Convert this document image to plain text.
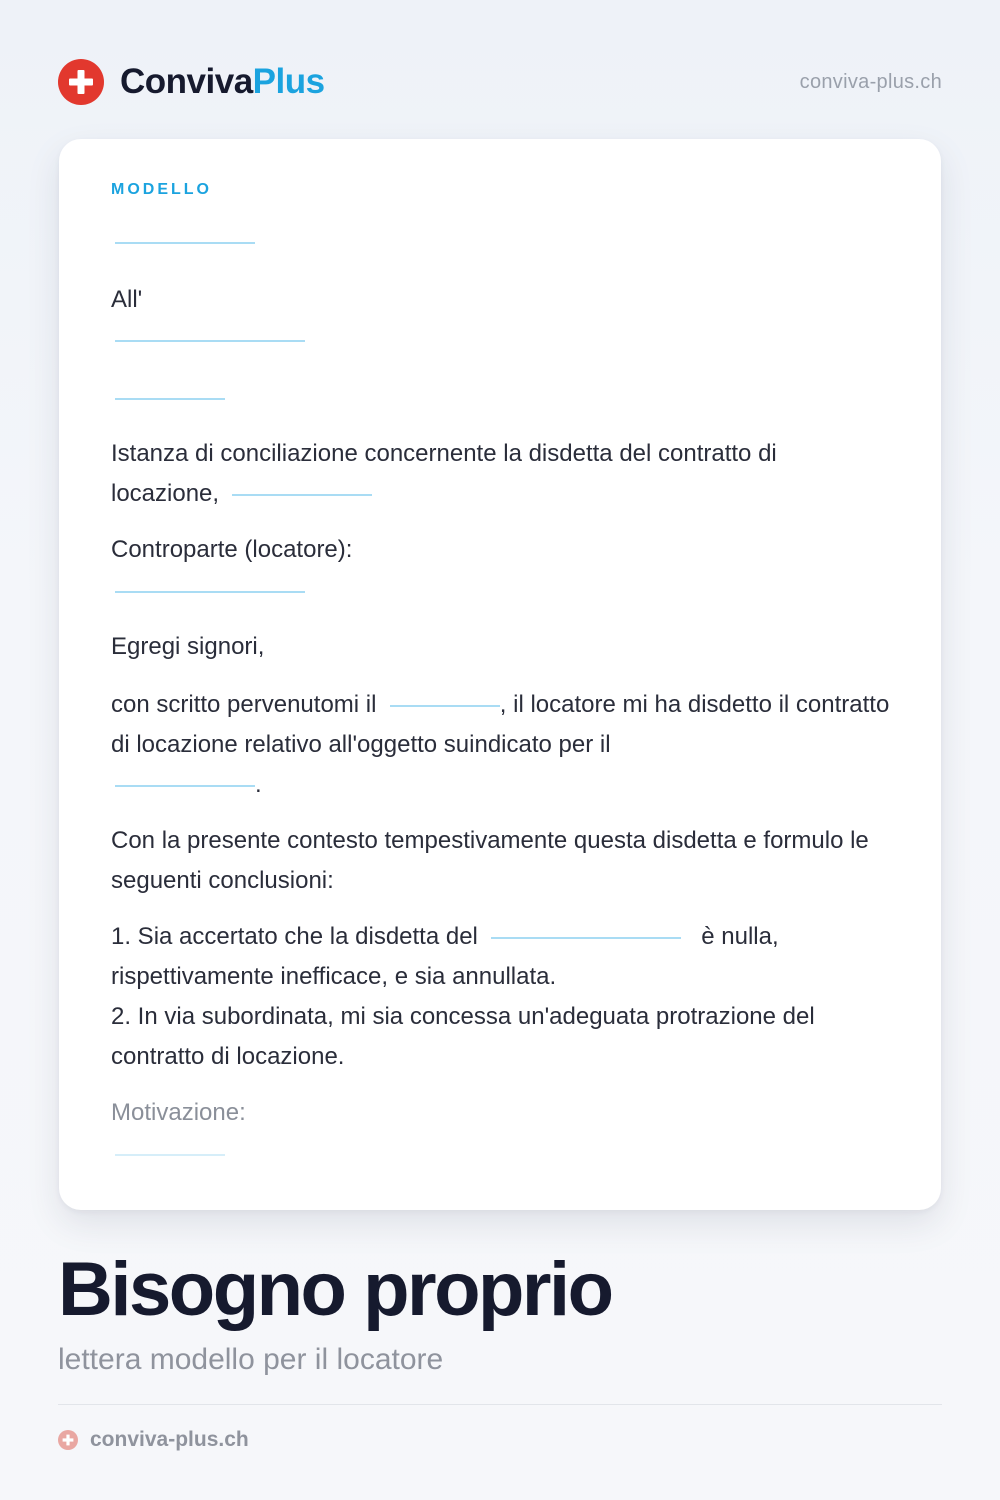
ConvivaPlus	conviva-plus.ch
MODELLO

All'

Istanza di conciliazione concernente la disdetta del contratto di locazione,

Controparte (locatore):

Egregi signori,

con scritto pervenutomi il	, il locatore mi ha disdetto il contratto di locazione relativo all'oggetto suindicato per il
.

Con la presente contesto tempestivamente questa disdetta e formulo le seguenti conclusioni:

1. Sia accertato che la disdetta del	è nulla, rispettivamente inefficace, e sia annullata.
2. In via subordinata, mi sia concessa un'adeguata protrazione del contratto di locazione.

Motivazione:

Bisogno proprio

lettera modello per il locatore

conviva-plus.ch
